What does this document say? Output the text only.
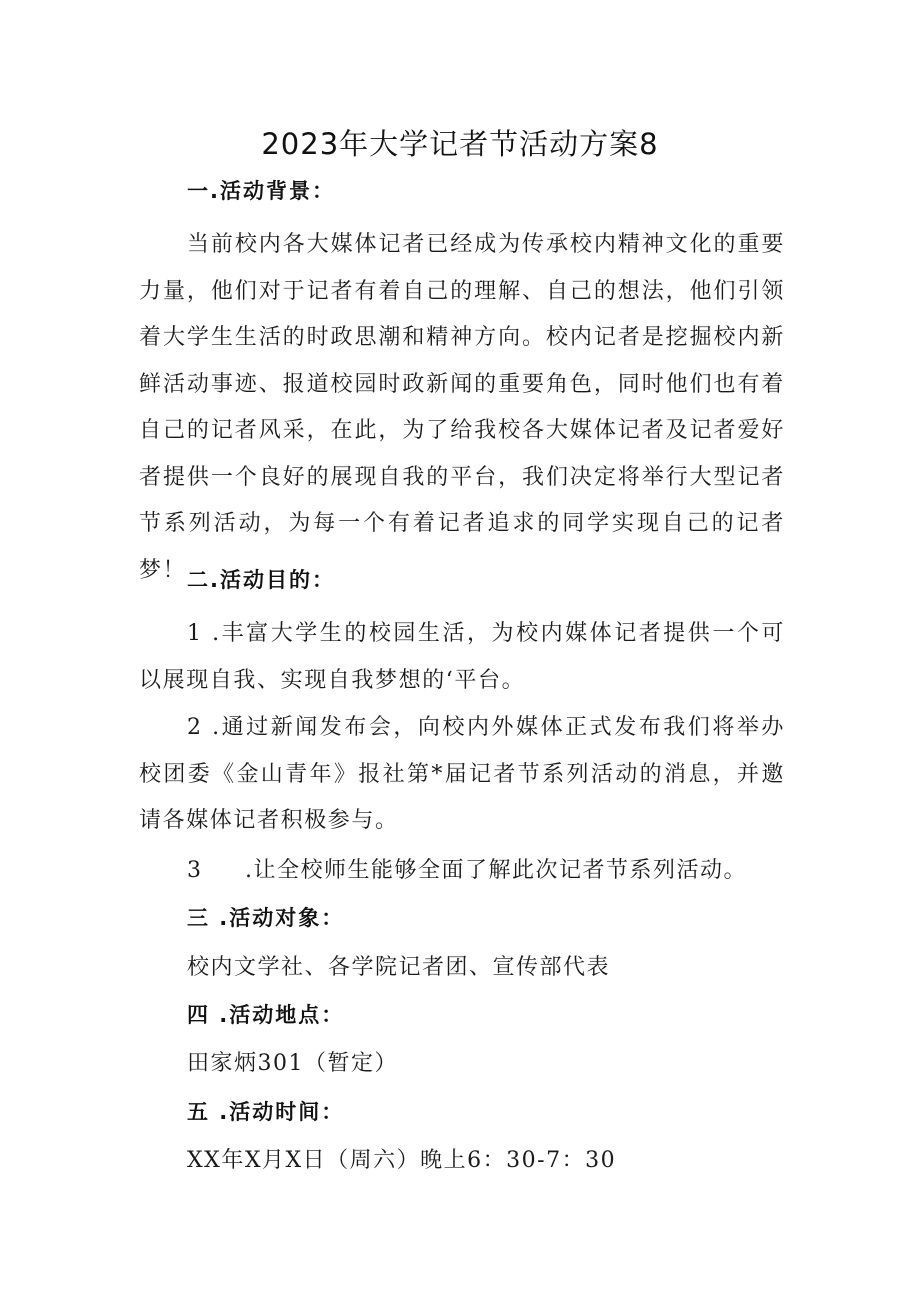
2023年大学记者节活动方案8
一.活动背景：

当前校内各大媒体记者已经成为传承校内精神文化的重要力量，他们对于记者有着自己的理解、自己的想法，他们引领着大学生生活的时政思潮和精神方向。校内记者是挖掘校内新鲜活动事迹、报道校园时政新闻的重要角色，同时他们也有着自己的记者风采，在此，为了给我校各大媒体记者及记者爱好者提供一个良好的展现自我的平台，我们决定将举行大型记者节系列活动，为每一个有着记者追求的同学实现自己的记者梦！ 二.活动目的：

1 .丰富大学生的校园生活，为校内媒体记者提供一个可以展现自我、实现自我梦想的‘平台。

2 .通过新闻发布会，向校内外媒体正式发布我们将举办校团委《金山青年》报社第*届记者节系列活动的消息，并邀请各媒体记者积极参与。

3 .让全校师生能够全面了解此次记者节系列活动。

三 .活动对象：

校内文学社、各学院记者团、宣传部代表

四 .活动地点：

田家炳301（暂定）

五 .活动时间：

XX年X月X日（周六）晚上6：30-7：30
